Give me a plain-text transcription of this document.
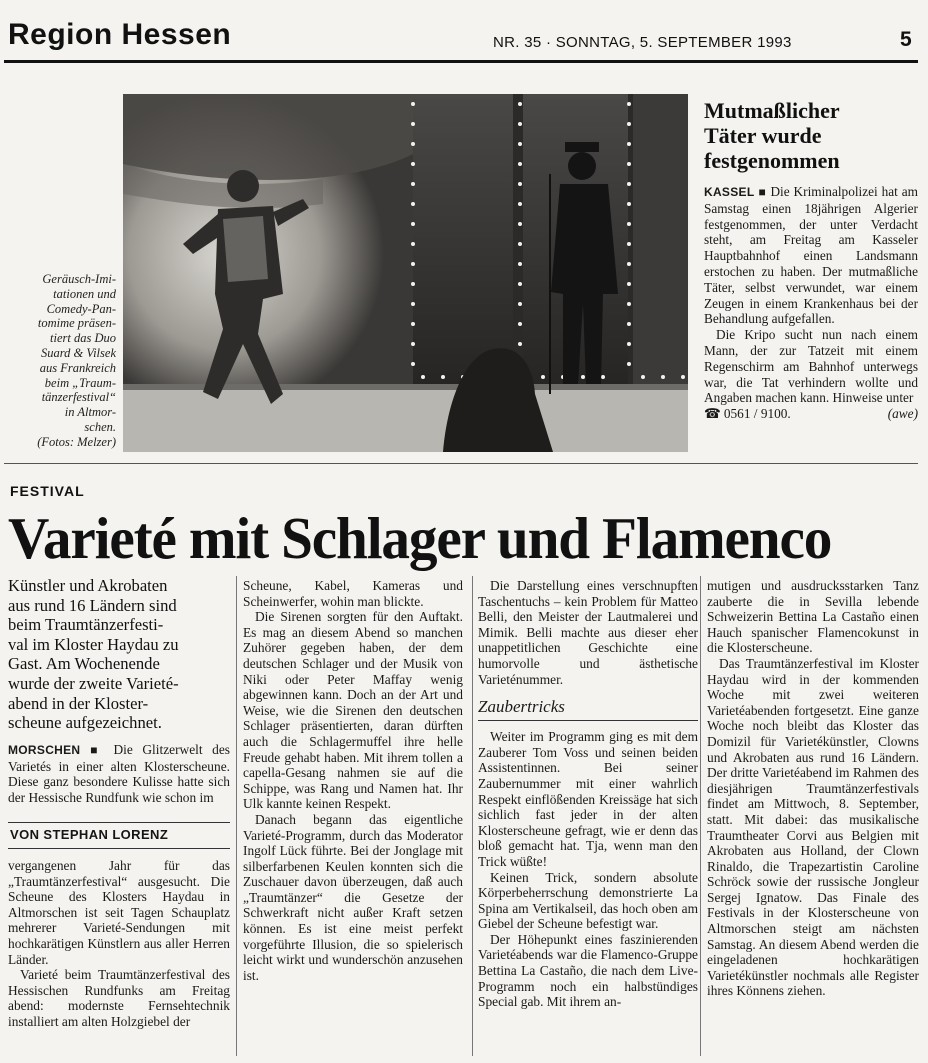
Region Hessen	NR. 35 · SONNTAG, 5. SEPTEMBER 1993	5
Geräusch-Imi-
tationen und
Comedy-Pan-
tomime präsen-
tiert das Duo
Suard & Vilsek
aus Frankreich
beim „Traum-
tänzerfestival“
in Altmor-
schen.
(Fotos: Melzer)
Mutmaßlicher
Täter wurde
festgenommen

KASSEL ■ Die Kriminalpolizei hat am Samstag einen 18jährigen Algerier festgenommen, der unter Verdacht steht, am Freitag am Kasseler Hauptbahnhof einen Landsmann erstochen zu haben. Der mutmaßliche Täter, selbst verwundet, war einem Zeugen in einem Krankenhaus bei der Behandlung aufgefallen.

Die Kripo sucht nun nach einem Mann, der zur Tatzeit mit einem Regenschirm am Bahnhof unterwegs war, die Tat verhindern wollte und Angaben machen kann. Hinweise unter

☎ 0561 / 9100.	(awe)
FESTIVAL
Varieté mit Schlager und Flamenco
Künstler und Akrobaten
aus rund 16 Ländern sind
beim Traumtänzerfesti-
val im Kloster Haydau zu
Gast. Am Wochenende
wurde der zweite Varieté-
abend in der Kloster-
scheune aufgezeichnet.

MORSCHEN ■ Die Glitzerwelt des Varietés in einer alten Klosterscheune. Diese ganz besondere Kulisse hatte sich der Hessische Rundfunk wie schon im

VON STEPHAN LORENZ

vergangenen Jahr für das „Traumtänzerfestival“ ausgesucht. Die Scheune des Klosters Haydau in Altmorschen ist seit Tagen Schauplatz mehrerer Varieté-Sendungen mit hochkarätigen Künstlern aus aller Herren Länder.

Varieté beim Traumtänzerfestival des Hessischen Rundfunks am Freitag abend: modernste Fernsehtechnik installiert am alten Holzgiebel der

Scheune, Kabel, Kameras und Scheinwerfer, wohin man blickte.

Die Sirenen sorgten für den Auftakt. Es mag an diesem Abend so manchen Zuhörer gegeben haben, der dem deutschen Schlager und der Musik von Niki oder Peter Maffay wenig abgewinnen kann. Doch an der Art und Weise, wie die Sirenen den deutschen Schlager präsentierten, daran dürften auch die Schlagermuffel ihre helle Freude gehabt haben. Mit ihrem tollen a capella-Gesang nahmen sie auf die Schippe, was Rang und Namen hat. Ihr Ulk kannte keinen Respekt.

Danach begann das eigentliche Varieté-Programm, durch das Moderator Ingolf Lück führte. Bei der Jonglage mit silberfarbenen Keulen konnten sich die Zuschauer davon überzeugen, daß auch „Traumtänzer“ die Gesetze der Schwerkraft nicht außer Kraft setzen können. Es ist eine meist perfekt vorgeführte Illusion, die so spielerisch leicht wirkt und wunderschön anzusehen ist.

Die Darstellung eines verschnupften Taschentuchs – kein Problem für Matteo Belli, den Meister der Lautmalerei und Mimik. Belli machte aus dieser eher unappetitlichen Geschichte eine humorvolle und ästhetische Varieténummer.

Zaubertricks

Weiter im Programm ging es mit dem Zauberer Tom Voss und seinen beiden Assistentinnen. Bei seiner Zaubernummer mit einer wahrlich Respekt einflößenden Kreissäge hat sich sichlich fast jeder in der alten Klosterscheune gefragt, wie er denn das bloß gemacht hat. Tja, wenn man den Trick wüßte!

Keinen Trick, sondern absolute Körperbeherrschung demonstrierte La Spina am Vertikalseil, das hoch oben am Giebel der Scheune befestigt war.

Der Höhepunkt eines faszinierenden Varietéabends war die Flamenco-Gruppe Bettina La Castaño, die nach dem Live-Programm noch ein halbstündiges Special gab. Mit ihrem an-

mutigen und ausdrucksstarken Tanz zauberte die in Sevilla lebende Schweizerin Bettina La Castaño einen Hauch spanischer Flamencokunst in die Klosterscheune.

Das Traumtänzerfestival im Kloster Haydau wird in der kommenden Woche mit zwei weiteren Varietéabenden fortgesetzt. Eine ganze Woche noch bleibt das Kloster das Domizil für Varietékünstler, Clowns und Akrobaten aus rund 16 Ländern. Der dritte Varietéabend im Rahmen des diesjährigen Traumtänzerfestivals findet am Mittwoch, 8. September, statt. Mit dabei: das musikalische Traumtheater Corvi aus Belgien mit Akrobaten aus Holland, der Clown Rinaldo, die Trapezartistin Caroline Schröck sowie der russische Jongleur Sergej Ignatow. Das Finale des Festivals in der Klosterscheune von Altmorschen steigt am nächsten Samstag. An diesem Abend werden die eingeladenen hochkarätigen Varietékünstler nochmals alle Register ihres Könnens ziehen.
